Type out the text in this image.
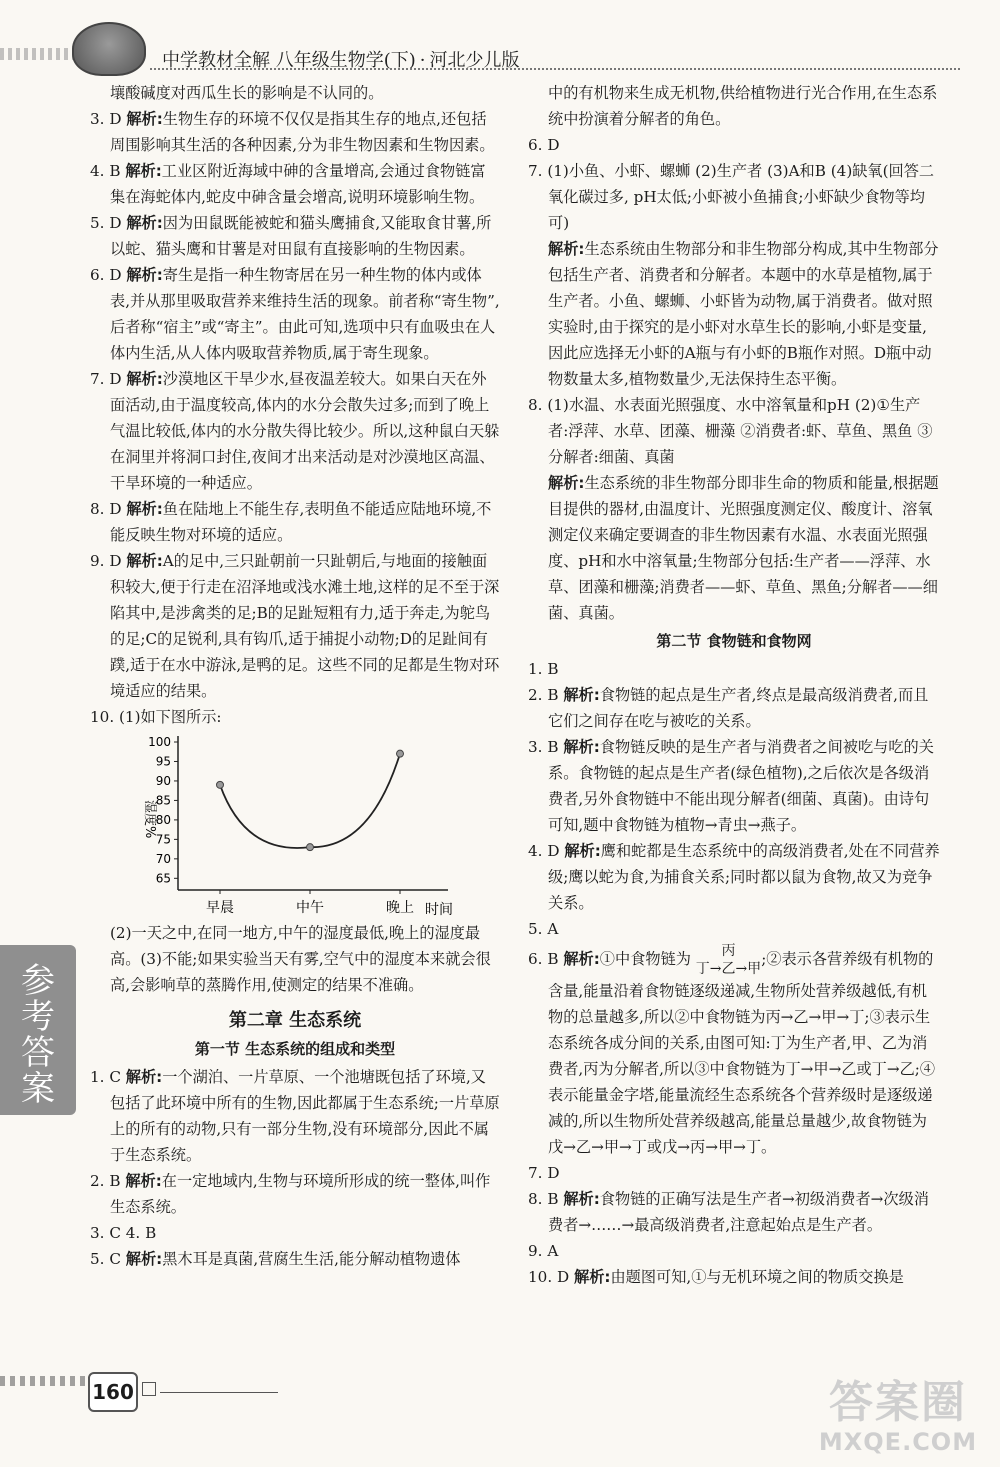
中学教材全解 八年级生物学(下) · 河北少儿版

壤酸碱度对西瓜生长的影响是不认同的。

3. D 解析:生物生存的环境不仅仅是指其生存的地点,还包括周围影响其生活的各种因素,分为非生物因素和生物因素。

4. B 解析:工业区附近海域中砷的含量增高,会通过食物链富集在海蛇体内,蛇皮中砷含量会增高,说明环境影响生物。

5. D 解析:因为田鼠既能被蛇和猫头鹰捕食,又能取食甘薯,所以蛇、猫头鹰和甘薯是对田鼠有直接影响的生物因素。

6. D 解析:寄生是指一种生物寄居在另一种生物的体内或体表,并从那里吸取营养来维持生活的现象。前者称“寄生物”,后者称“宿主”或“寄主”。由此可知,选项中只有血吸虫在人体内生活,从人体内吸取营养物质,属于寄生现象。

7. D 解析:沙漠地区干旱少水,昼夜温差较大。如果白天在外面活动,由于温度较高,体内的水分会散失过多;而到了晚上气温比较低,体内的水分散失得比较少。所以,这种鼠白天躲在洞里并将洞口封住,夜间才出来活动是对沙漠地区高温、干旱环境的一种适应。

8. D 解析:鱼在陆地上不能生存,表明鱼不能适应陆地环境,不能反映生物对环境的适应。

9. D 解析:A的足中,三只趾朝前一只趾朝后,与地面的接触面积较大,便于行走在沼泽地或浅水滩土地,这样的足不至于深陷其中,是涉禽类的足;B的足趾短粗有力,适于奔走,为鸵鸟的足;C的足锐利,具有钩爪,适于捕捉小动物;D的足趾间有蹼,适于在水中游泳,是鸭的足。这些不同的足都是生物对环境适应的结果。

10. (1)如下图所示:

65
70
75
80
85
90
95
100
湿度%
早晨	中午	晚上 时间

(2)一天之中,在同一地方,中午的湿度最低,晚上的湿度最高。(3)不能;如果实验当天有雾,空气中的湿度本来就会很高,会影响草的蒸腾作用,使测定的结果不准确。

第二章 生态系统
第一节 生态系统的组成和类型

1. C 解析:一个湖泊、一片草原、一个池塘既包括了环境,又包括了此环境中所有的生物,因此都属于生态系统;一片草原上的所有的动物,只有一部分生物,没有环境部分,因此不属于生态系统。

2. B 解析:在一定地域内,生物与环境所形成的统一整体,叫作生态系统。

3. C 4. B

5. C 解析:黑木耳是真菌,营腐生生活,能分解动植物遗体

中的有机物来生成无机物,供给植物进行光合作用,在生态系统中扮演着分解者的角色。

6. D

7. (1)小鱼、小虾、螺蛳 (2)生产者 (3)A和B (4)缺氧(回答二氧化碳过多, pH太低;小虾被小鱼捕食;小虾缺少食物等均可)

解析:生态系统由生物部分和非生物部分构成,其中生物部分包括生产者、消费者和分解者。本题中的水草是植物,属于生产者。小鱼、螺蛳、小虾皆为动物,属于消费者。做对照实验时,由于探究的是小虾对水草生长的影响,小虾是变量,因此应选择无小虾的A瓶与有小虾的B瓶作对照。D瓶中动物数量太多,植物数量少,无法保持生态平衡。

8. (1)水温、水表面光照强度、水中溶氧量和pH (2)①生产者:浮萍、水草、团藻、栅藻 ②消费者:虾、草鱼、黑鱼 ③分解者:细菌、真菌

解析:生态系统的非生物部分即非生命的物质和能量,根据题目提供的器材,由温度计、光照强度测定仪、酸度计、溶氧测定仪来确定要调查的非生物因素有水温、水表面光照强度、pH和水中溶氧量;生物部分包括:生产者——浮萍、水草、团藻和栅藻;消费者——虾、草鱼、黑鱼;分解者——细菌、真菌。

第二节 食物链和食物网

1. B

2. B 解析:食物链的起点是生产者,终点是最高级消费者,而且它们之间存在吃与被吃的关系。

3. B 解析:食物链反映的是生产者与消费者之间被吃与吃的关系。食物链的起点是生产者(绿色植物),之后依次是各级消费者,另外食物链中不能出现分解者(细菌、真菌)。由诗句可知,题中食物链为植物→青虫→燕子。

4. D 解析:鹰和蛇都是生态系统中的高级消费者,处在不同营养级;鹰以蛇为食,为捕食关系;同时都以鼠为食物,故又为竞争关系。

5. A

6. B 解析:①中食物链为	丙
丁→乙→甲
;②表示各营养级有机物的含量,能量沿着食物链逐级递减,生物所处营养级越低,有机物的总量越多,所以②中食物链为丙→乙→甲→丁;③表示生态系统各成分间的关系,由图可知:丁为生产者,甲、乙为消费者,丙为分解者,所以③中食物链为丁→甲→乙或丁→乙;④表示能量金字塔,能量流经生态系统各个营养级时是逐级递减的,所以生物所处营养级越高,能量总量越少,故食物链为戊→乙→甲→丁或戊→丙→甲→丁。

7. D

8. B 解析:食物链的正确写法是生产者→初级消费者→次级消费者→……→最高级消费者,注意起始点是生产者。

9. A

10. D 解析:由题图可知,①与无机环境之间的物质交换是

参考答案
160	答案圈
MXQE.COM
